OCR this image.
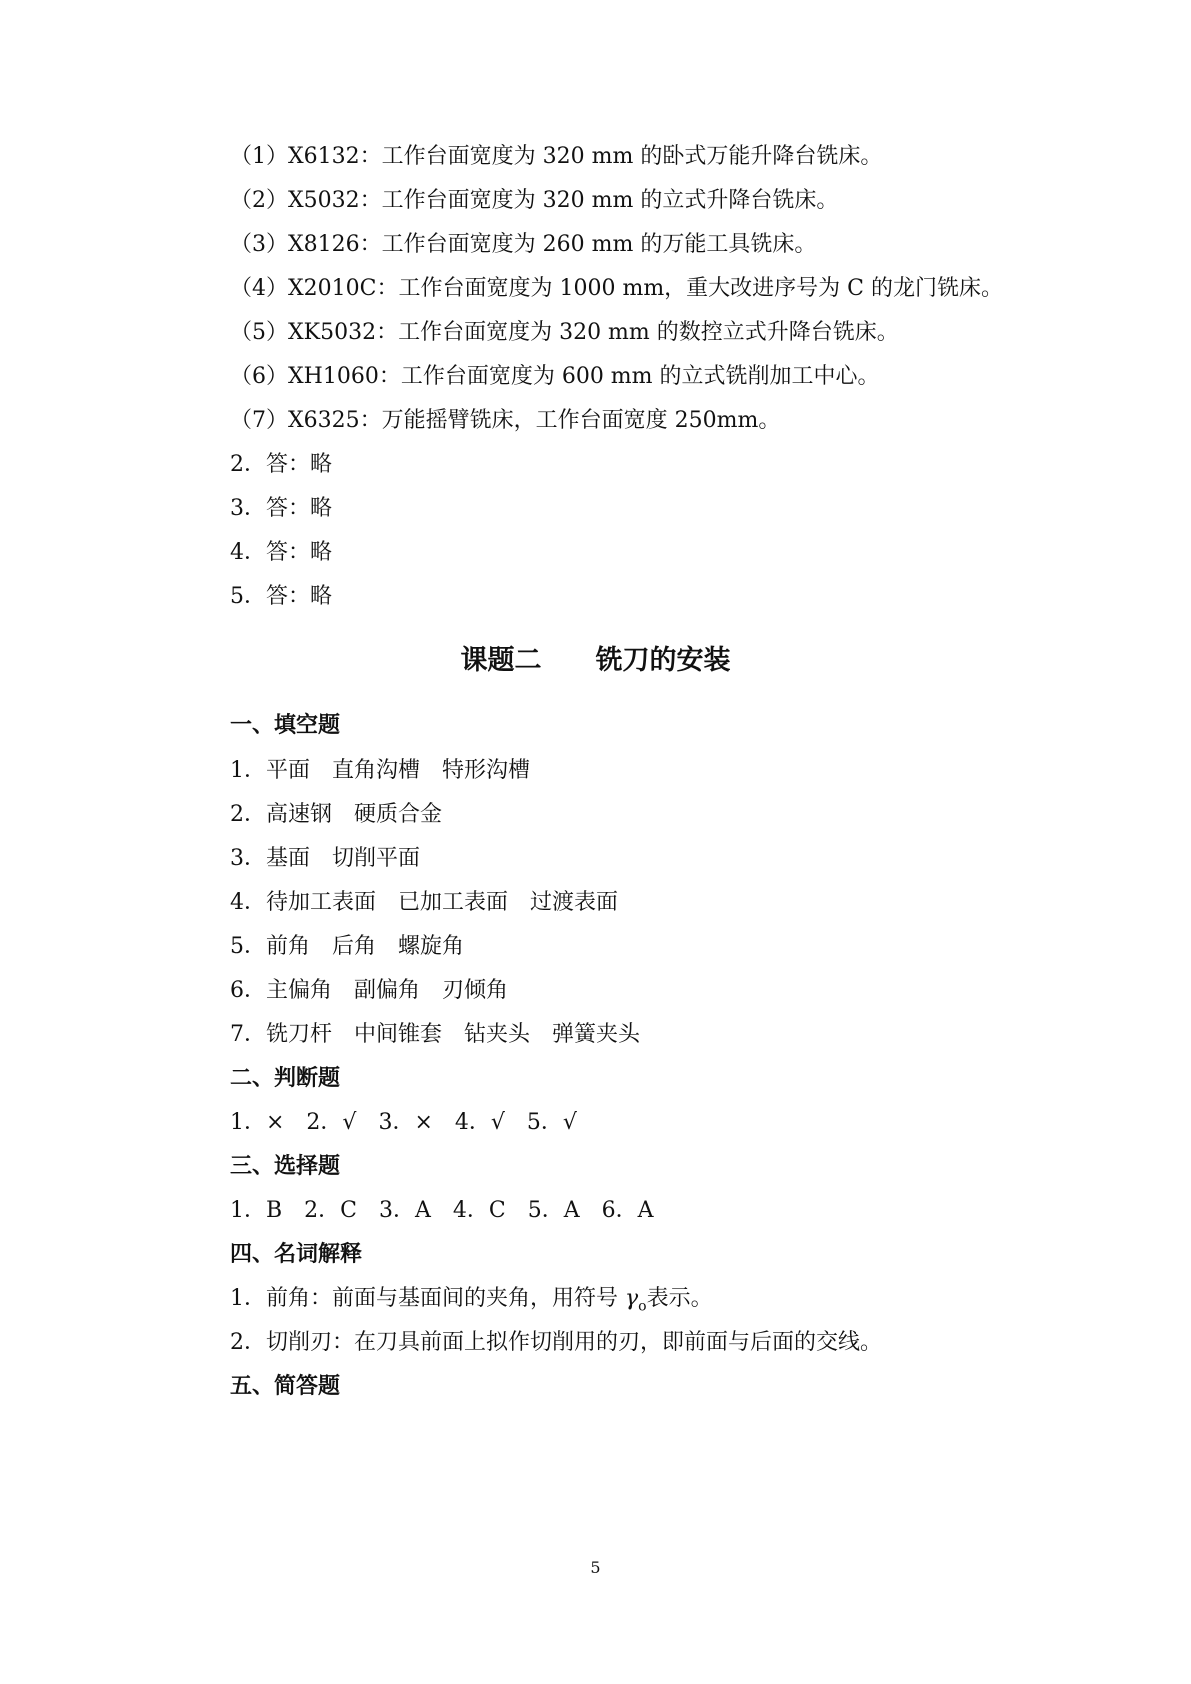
（1）X6132：工作台面宽度为 320 mm 的卧式万能升降台铣床。
（2）X5032：工作台面宽度为 320 mm 的立式升降台铣床。
（3）X8126：工作台面宽度为 260 mm 的万能工具铣床。
（4）X2010C：工作台面宽度为 1000 mm，重大改进序号为 C 的龙门铣床。
（5）XK5032：工作台面宽度为 320 mm 的数控立式升降台铣床。
（6）XH1060：工作台面宽度为 600 mm 的立式铣削加工中心。
（7）X6325：万能摇臂铣床，工作台面宽度 250mm。
2．答：略
3．答：略
4．答：略
5．答：略
课题二　　铣刀的安装
一、填空题
1．平面　直角沟槽　特形沟槽
2．高速钢　硬质合金
3．基面　切削平面
4．待加工表面　已加工表面　过渡表面
5．前角　后角　螺旋角
6．主偏角　副偏角　刃倾角
7．铣刀杆　中间锥套　钻夹头　弹簧夹头
二、判断题
1．×　2．√　3．×　4．√　5．√
三、选择题
1．B　2．C　3．A　4．C　5．A　6．A
四、名词解释
1．前角：前面与基面间的夹角，用符号 $\gamma_o$表示。
2．切削刃：在刀具前面上拟作切削用的刃，即前面与后面的交线。
五、简答题
5
